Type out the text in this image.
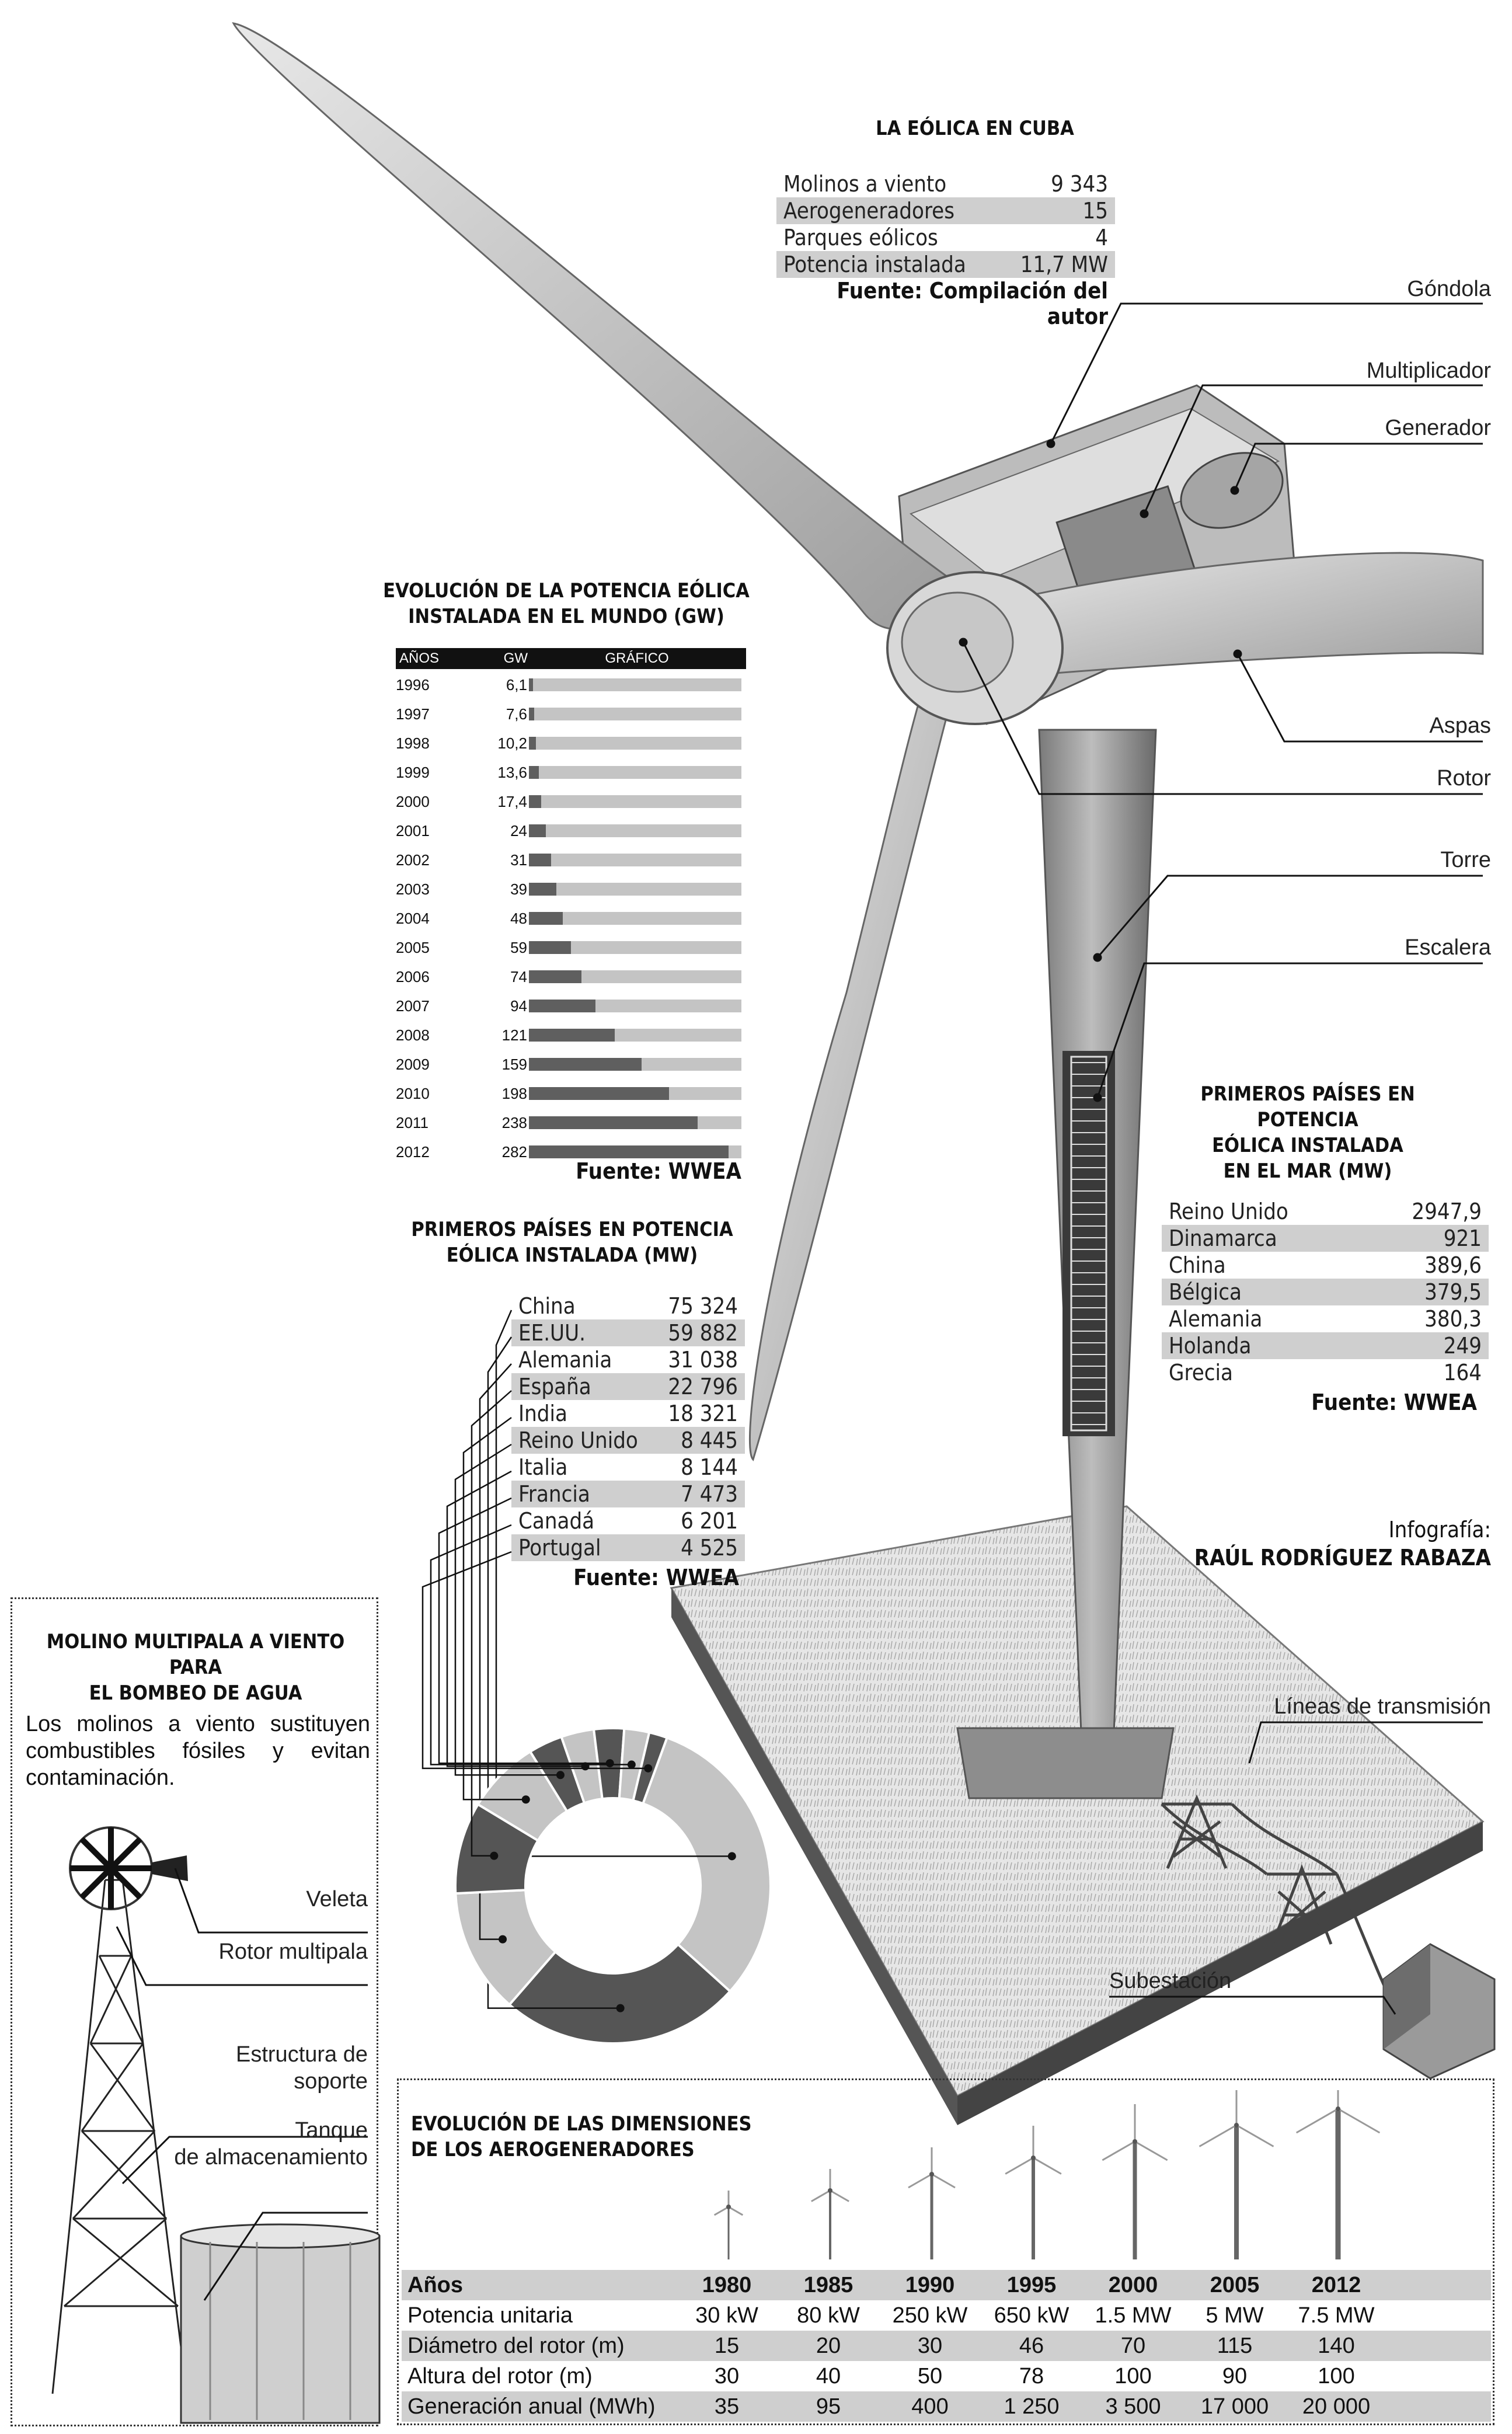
LA EÓLICA EN CUBA
Molinos a viento	9 343
Aerogeneradores	15
Parques eólicos	4
Potencia instalada 11,7 MW
Fuente: Compilación del autor
Góndola
Multiplicador
Generador
Aspas
Rotor
Torre
Escalera
Líneas de transmisión
Subestación
EVOLUCIÓN DE LA POTENCIA EÓLICA
INSTALADA EN EL MUNDO (GW)
AÑOS	GW	GRÁFICO
1996	6,1
1997	7,6
1998	10,2
1999	13,6
2000	17,4
2001	24
2002	31
2003	39
2004	48
2005	59
2006	74
2007	94
2008	121
2009	159
2010	198
2011	238
2012	282
Fuente: WWEA
PRIMEROS PAÍSES EN POTENCIA
EÓLICA INSTALADA (MW)
China	75 324
EE.UU.	59 882
Alemania	31 038
España	22 796
India	18 321
Reino Unido 8 445
Italia	8 144
Francia	7 473
Canadá	6 201
Portugal	4 525
Fuente: WWEA
PRIMEROS PAÍSES EN POTENCIA
EÓLICA INSTALADA
EN EL MAR (MW)
Reino Unido	2947,9
Dinamarca	921
China	389,6
Bélgica	379,5
Alemania	380,3
Holanda	249
Grecia	164
Fuente: WWEA
Infografía:
RAÚL RODRÍGUEZ RABAZA
MOLINO MULTIPALA A VIENTO PARA
EL BOMBEO DE AGUA
Los molinos a viento sustituyen combustibles fósiles y evitan contaminación.
Veleta
Rotor multipala
Estructura de
soporte
Tanque
de almacenamiento
EVOLUCIÓN DE LAS DIMENSIONES
DE LOS AEROGENERADORES
Años	1980	1985	1990	1995	2000	2005	2012
Potencia unitaria	30 kW	80 kW	250 kW	650 kW	1.5 MW	5 MW	7.5 MW
Diámetro del rotor (m)	15	20	30	46	70	115	140
Altura del rotor (m)	30	40	50	78	100	90	100
Generación anual (MWh)	35	95	400	1 250	3 500	17 000	20 000
